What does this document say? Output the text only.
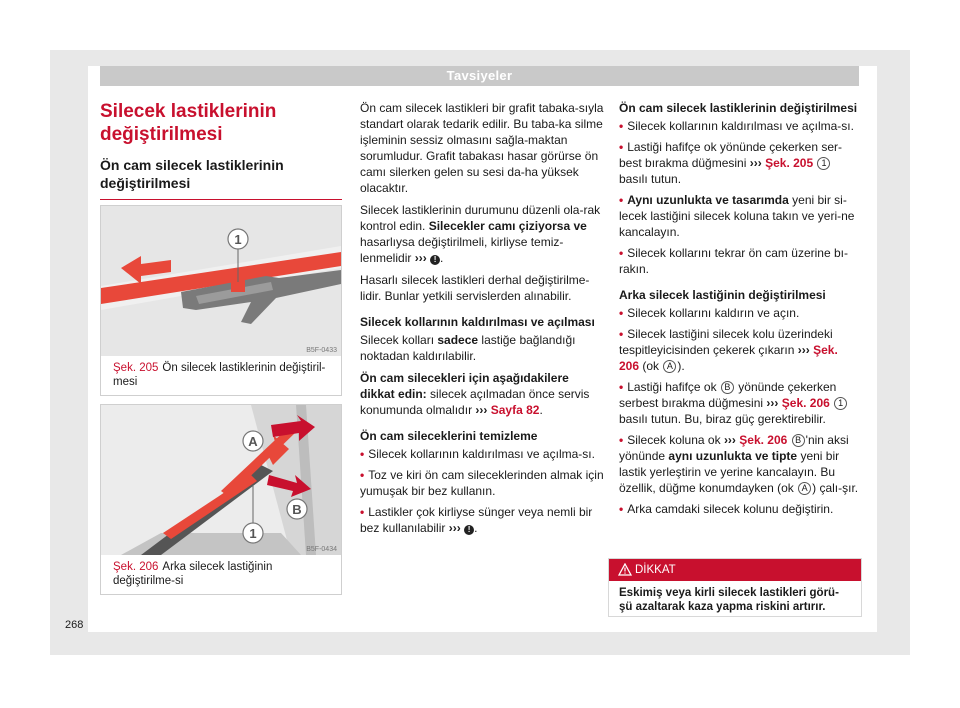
Tavsiyeler
Silecek lastiklerinin değiştirilmesi
Ön cam silecek lastiklerinin değiştirilmesi
1
B5F-0433
Şek. 205 Ön silecek lastiklerinin değiştiril-mesi
A
B
1
B5F-0434
Şek. 206 Arka silecek lastiğinin değiştirilme-si

Ön cam silecek lastikleri bir grafit tabaka-sıyla standart olarak tedarik edilir. Bu taba-ka silme işleminin sessiz olmasını sağla-maktan sorumludur. Grafit tabakası hasar görürse ön camı silerken gelen su sesi da-ha yüksek olacaktır.

Silecek lastiklerinin durumunu düzenli ola-rak kontrol edin. Silecekler camı çiziyorsa ve hasarlıysa değiştirilmeli, kirliyse temiz-lenmelidir ››› ! .

Hasarlı silecek lastikleri derhal değiştirilme-lidir. Bunlar yetkili servislerden alınabilir.

Silecek kollarının kaldırılması ve açılması

Silecek kolları sadece lastiğe bağlandığı noktadan kaldırılabilir.

Ön cam silecekleri için aşağıdakilere dikkat edin: silecek açılmadan önce servis konumunda olmalıdır ››› Sayfa 82.

Ön cam sileceklerini temizleme

• Silecek kollarının kaldırılması ve açılma-sı.

• Toz ve kiri ön cam sileceklerinden almak için yumuşak bir bez kullanın.

• Lastikler çok kirliyse sünger veya nemli bir bez kullanılabilir ››› ! .

Ön cam silecek lastiklerinin değiştirilmesi

• Silecek kollarının kaldırılması ve açılma-sı.

• Lastiği hafifçe ok yönünde çekerken ser-best bırakma düğmesini ››› Şek. 205 1 basılı tutun.

• Aynı uzunlukta ve tasarımda yeni bir si-lecek lastiğini silecek koluna takın ve yeri-ne kancalayın.

• Silecek kollarını tekrar ön cam üzerine bı-rakın.

Arka silecek lastiğinin değiştirilmesi

• Silecek kollarını kaldırın ve açın.

• Silecek lastiğini silecek kolu üzerindeki tespitleyicisinden çekerek çıkarın ››› Şek. 206 (ok A ).

• Lastiği hafifçe ok B yönünde çekerken serbest bırakma düğmesini ››› Şek. 206 1 basılı tutun. Bu, biraz güç gerektirebilir.

• Silecek koluna ok ››› Şek. 206 B 'nin aksi yönünde aynı uzunlukta ve tipte yeni bir lastik yerleştirin ve yerine kancalayın. Bu özellik, düğme konumdayken (ok A ) çalı-şır.

• Arka camdaki silecek kolunu değiştirin.

DİKKAT
Eskimiş veya kirli silecek lastikleri görü-şü azaltarak kaza yapma riskini artırır.
268
